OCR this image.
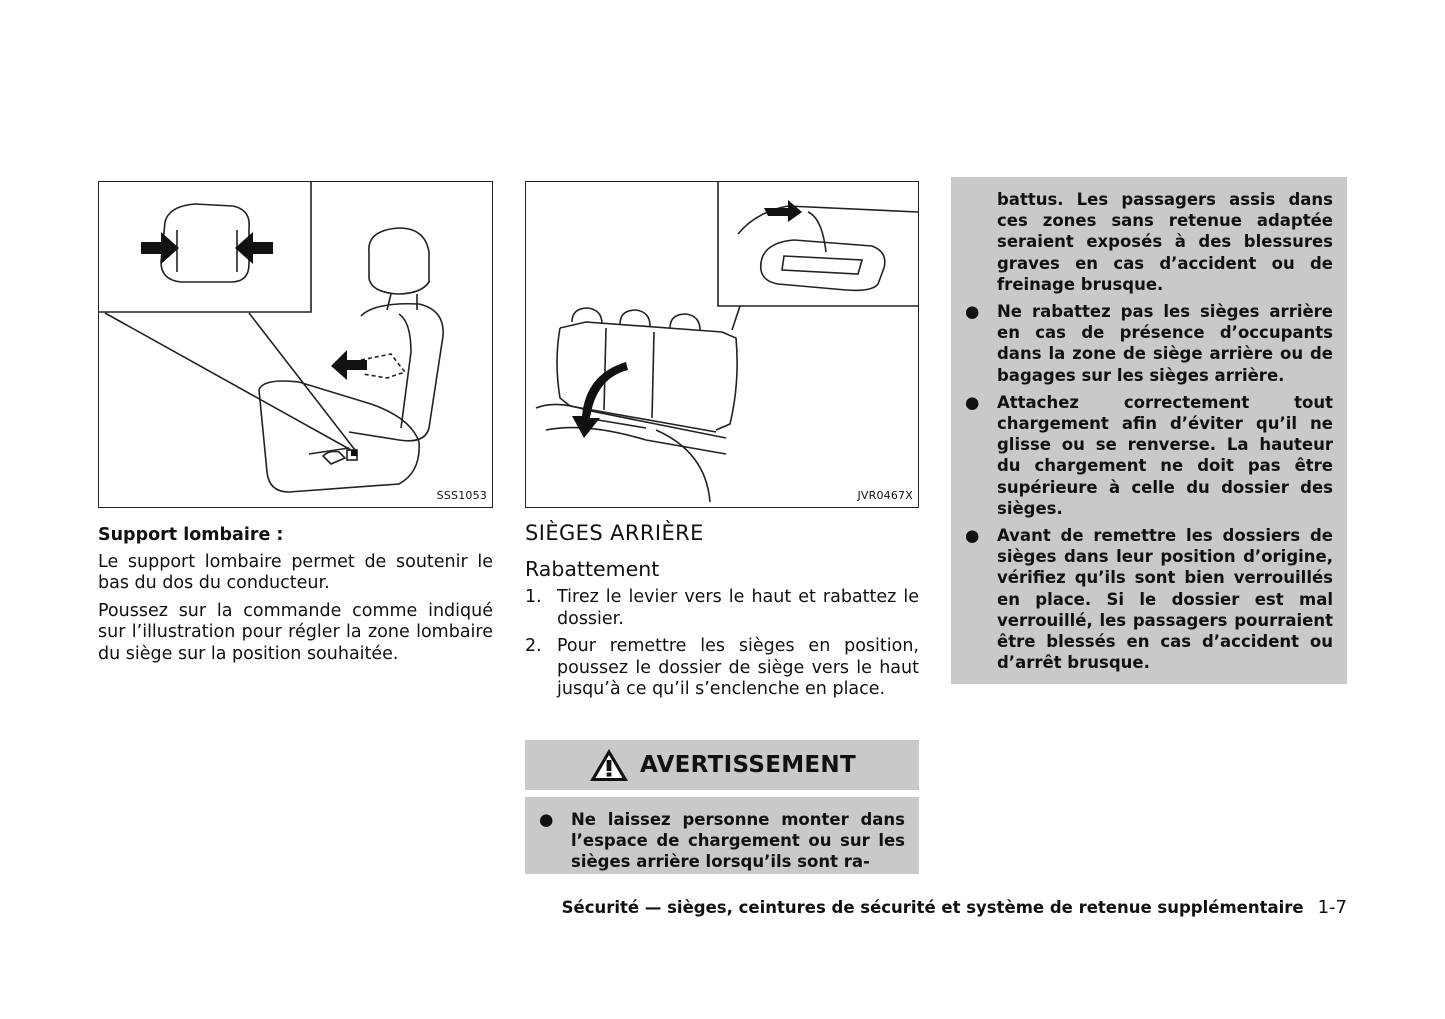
SSS1053	JVR0467X

Support lombaire :

Le support lombaire permet de soutenir le bas du dos du conducteur.

Poussez sur la commande comme indiqué sur l’illustration pour régler la zone lombaire du siège sur la position souhaitée.

SIÈGES ARRIÈRE

Rabattement

1. Tirez le levier vers le haut et rabattez le dossier.
2. Pour remettre les sièges en position, poussez le dossier de siège vers le haut jusqu’à ce qu’il s’enclenche en place.
AVERTISSEMENT
● Ne laissez personne monter dans l’espace de chargement ou sur les sièges arrière lorsqu’ils sont ra-

battus. Les passagers assis dans ces zones sans retenue adaptée seraient exposés à des blessures graves en cas d’accident ou de freinage brusque.

● Ne rabattez pas les sièges arrière en cas de présence d’occupants dans la zone de siège arrière ou de bagages sur les sièges arrière.
● Attachez correctement tout chargement afin d’éviter qu’il ne glisse ou se renverse. La hauteur du chargement ne doit pas être supérieure à celle du dossier des sièges.
● Avant de remettre les dossiers de sièges dans leur position d’origine, vérifiez qu’ils sont bien verrouillés en place. Si le dossier est mal verrouillé, les passagers pourraient être blessés en cas d’accident ou d’arrêt brusque.
Sécurité — sièges, ceintures de sécurité et système de retenue supplémentaire 1-7
